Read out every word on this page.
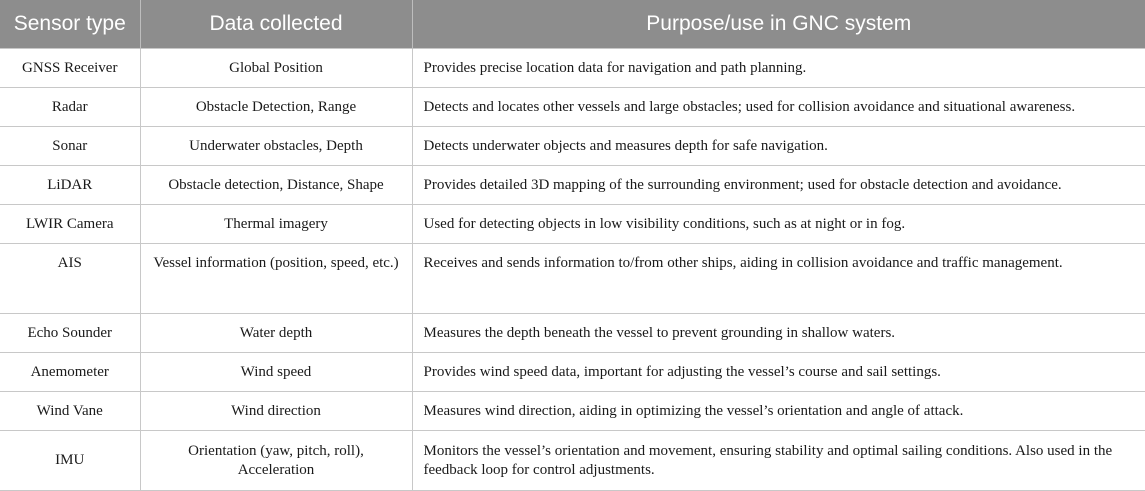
Sensor type	Data collected	Purpose/use in GNC system
GNSS Receiver	Global Position	Provides precise location data for navigation and path planning.
Radar	Obstacle Detection, Range	Detects and locates other vessels and large obstacles; used for collision avoidance and situational awareness.
Sonar	Underwater obstacles, Depth	Detects underwater objects and measures depth for safe navigation.
LiDAR	Obstacle detection, Distance, Shape	Provides detailed 3D mapping of the surrounding environment; used for obstacle detection and avoidance.
LWIR Camera	Thermal imagery	Used for detecting objects in low visibility conditions, such as at night or in fog.
AIS	Vessel information (position, speed, etc.)	Receives and sends information to/from other ships, aiding in collision avoidance and traffic management.
Echo Sounder	Water depth	Measures the depth beneath the vessel to prevent grounding in shallow waters.
Anemometer	Wind speed	Provides wind speed data, important for adjusting the vessel’s course and sail settings.
Wind Vane	Wind direction	Measures wind direction, aiding in optimizing the vessel’s orientation and angle of attack.
IMU	Orientation (yaw, pitch, roll), Acceleration	Monitors the vessel’s orientation and movement, ensuring stability and optimal sailing conditions. Also used in the feedback loop for control adjustments.
